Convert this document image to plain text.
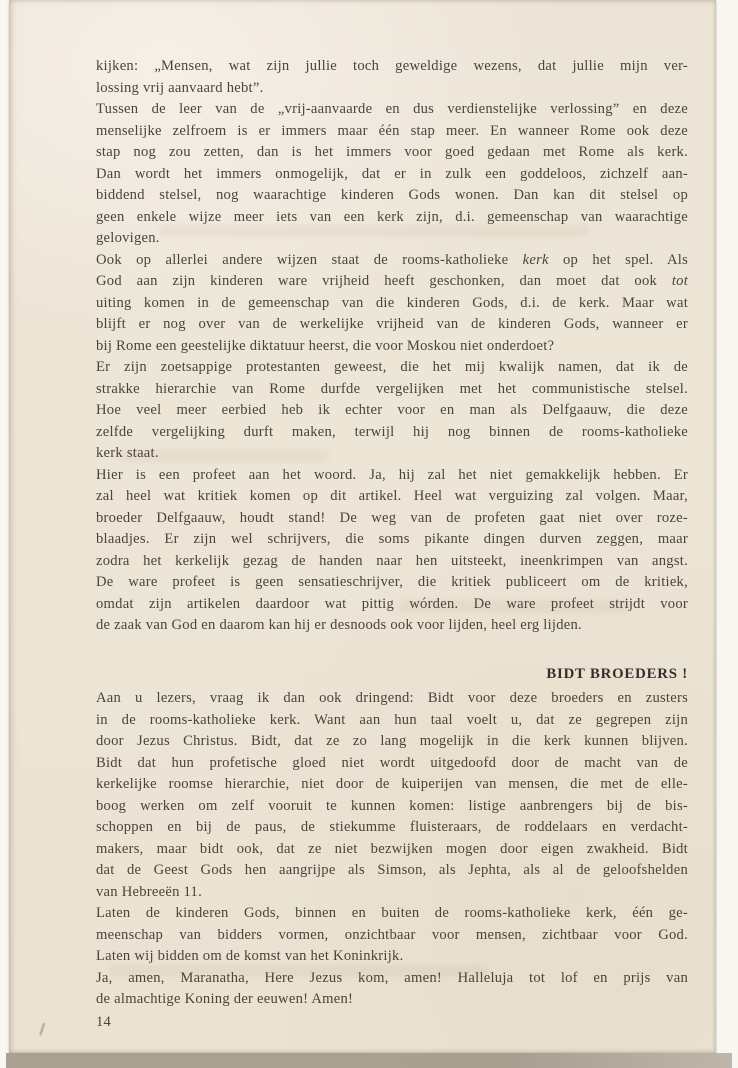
kijken: „Mensen, wat zijn jullie toch geweldige wezens, dat jullie mijn ver-
lossing vrij aanvaard hebt”.
Tussen de leer van de „vrij-aanvaarde en dus verdienstelijke verlossing” en deze
menselijke zelfroem is er immers maar één stap meer. En wanneer Rome ook deze
stap nog zou zetten, dan is het immers voor goed gedaan met Rome als kerk.
Dan wordt het immers onmogelijk, dat er in zulk een goddeloos, zichzelf aan-
biddend stelsel, nog waarachtige kinderen Gods wonen. Dan kan dit stelsel op
geen enkele wijze meer iets van een kerk zijn, d.i. gemeenschap van waarachtige
gelovigen.
Ook op allerlei andere wijzen staat de rooms-katholieke kerk op het spel. Als
God aan zijn kinderen ware vrijheid heeft geschonken, dan moet dat ook tot
uiting komen in de gemeenschap van die kinderen Gods, d.i. de kerk. Maar wat
blijft er nog over van de werkelijke vrijheid van de kinderen Gods, wanneer er
bij Rome een geestelijke diktatuur heerst, die voor Moskou niet onderdoet?
Er zijn zoetsappige protestanten geweest, die het mij kwalijk namen, dat ik de
strakke hierarchie van Rome durfde vergelijken met het communistische stelsel.
Hoe veel meer eerbied heb ik echter voor en man als Delfgaauw, die deze
zelfde vergelijking durft maken, terwijl hij nog binnen de rooms-katholieke
kerk staat.
Hier is een profeet aan het woord. Ja, hij zal het niet gemakkelijk hebben. Er
zal heel wat kritiek komen op dit artikel. Heel wat verguizing zal volgen. Maar,
broeder Delfgaauw, houdt stand! De weg van de profeten gaat niet over roze-
blaadjes. Er zijn wel schrijvers, die soms pikante dingen durven zeggen, maar
zodra het kerkelijk gezag de handen naar hen uitsteekt, ineenkrimpen van angst.
De ware profeet is geen sensatieschrijver, die kritiek publiceert om de kritiek,
omdat zijn artikelen daardoor wat pittig wórden. De ware profeet strijdt voor
de zaak van God en daarom kan hij er desnoods ook voor lijden, heel erg lijden.
BIDT BROEDERS !
Aan u lezers, vraag ik dan ook dringend: Bidt voor deze broeders en zusters
in de rooms-katholieke kerk. Want aan hun taal voelt u, dat ze gegrepen zijn
door Jezus Christus. Bidt, dat ze zo lang mogelijk in die kerk kunnen blijven.
Bidt dat hun profetische gloed niet wordt uitgedoofd door de macht van de
kerkelijke roomse hierarchie, niet door de kuiperijen van mensen, die met de elle-
boog werken om zelf vooruit te kunnen komen: listige aanbrengers bij de bis-
schoppen en bij de paus, de stiekumme fluisteraars, de roddelaars en verdacht-
makers, maar bidt ook, dat ze niet bezwijken mogen door eigen zwakheid. Bidt
dat de Geest Gods hen aangrijpe als Simson, als Jephta, als al de geloofshelden
van Hebreeën 11.
Laten de kinderen Gods, binnen en buiten de rooms-katholieke kerk, één ge-
meenschap van bidders vormen, onzichtbaar voor mensen, zichtbaar voor God.
Laten wij bidden om de komst van het Koninkrijk.
Ja, amen, Maranatha, Here Jezus kom, amen! Halleluja tot lof en prijs van
de almachtige Koning der eeuwen! Amen!
14
